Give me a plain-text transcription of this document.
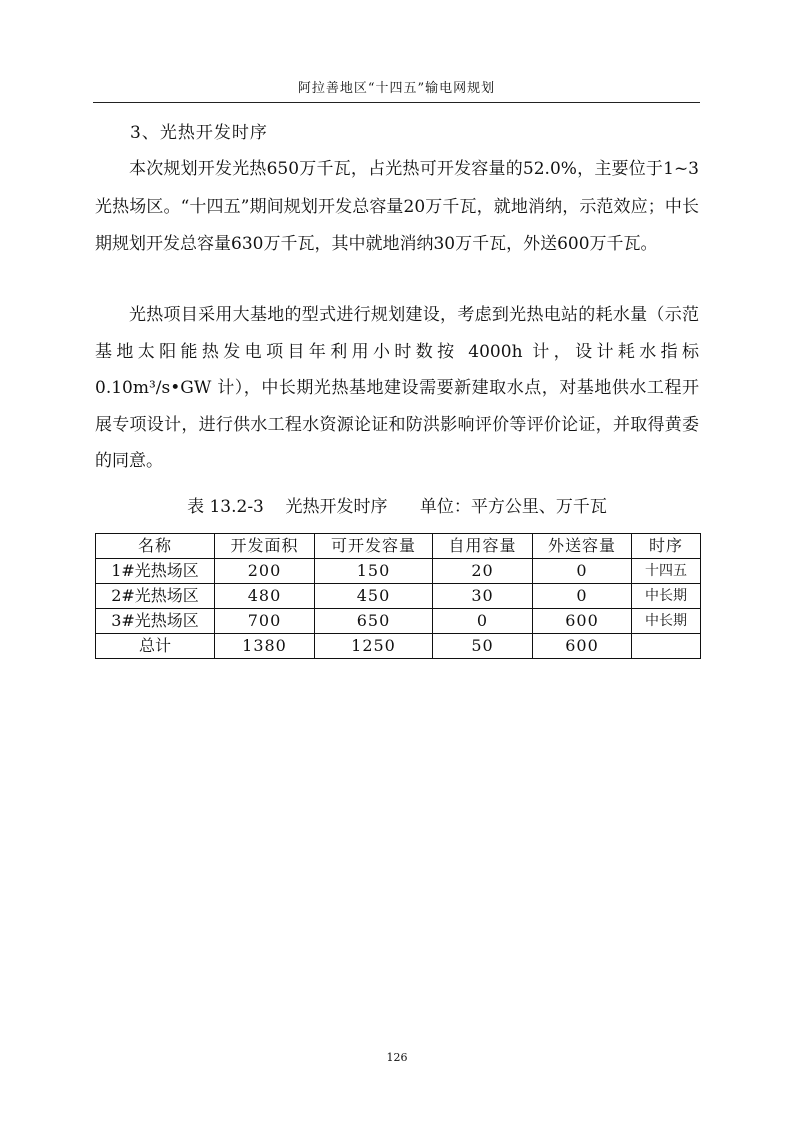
阿拉善地区“十四五”输电网规划
3、光热开发时序

本次规划开发光热650万千瓦，占光热可开发容量的52.0%，主要位于1~3光热场区。“十四五”期间规划开发总容量20万千瓦，就地消纳，示范效应；中长期规划开发总容量630万千瓦，其中就地消纳30万千瓦，外送600万千瓦。

光热项目采用大基地的型式进行规划建设，考虑到光热电站的耗水量（示范基地太阳能热发电项目年利用小时数按 4000h 计，设计耗水指标0.10m³/s•GW 计），中长期光热基地建设需要新建取水点，对基地供水工程开展专项设计，进行供水工程水资源论证和防洪影响评价等评价论证，并取得黄委的同意。

表 13.2-3    光热开发时序      单位：平方公里、万千瓦
名称	开发面积	可开发容量	自用容量	外送容量	时序
1#光热场区	200	150	20	0	十四五
2#光热场区	480	450	30	0	中长期
3#光热场区	700	650	0	600	中长期
总计	1380	1250	50	600	
126
